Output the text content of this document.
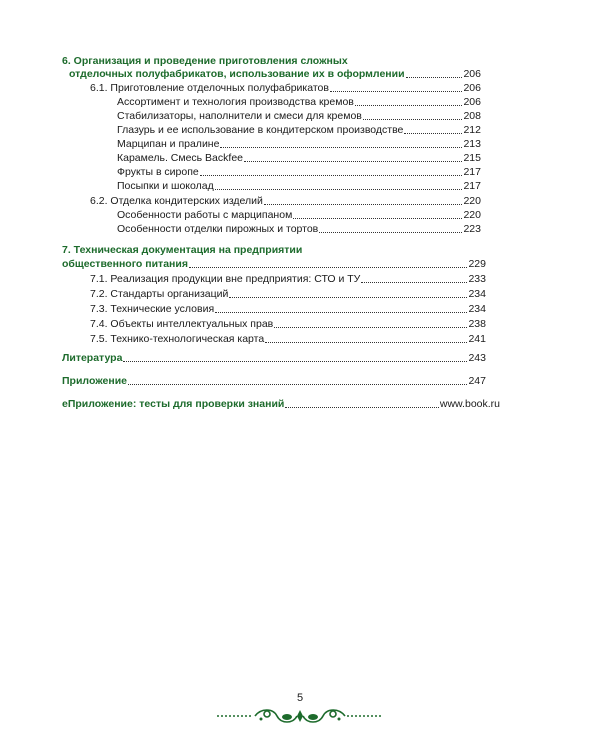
6. Организация и проведение приготовления сложных
отделочных полуфабрикатов, использование их в оформлении	206
6.1. Приготовление отделочных полуфабрикатов	206
Ассортимент и технология производства кремов	206
Стабилизаторы, наполнители и смеси для кремов	208
Глазурь и ее использование в кондитерском производстве	212
Марципан и пралине	213
Карамель. Смесь Backfee	215
Фрукты в сиропе	217
Посыпки и шоколад	217
6.2. Отделка кондитерских изделий	220
Особенности работы с марципаном	220
Особенности отделки пирожных и тортов	223
7. Техническая документация на предприятии
общественного питания	229
7.1. Реализация продукции вне предприятия: СТО и ТУ	233
7.2. Стандарты организаций	234
7.3. Технические условия	234
7.4. Объекты интеллектуальных прав	238
7.5. Технико-технологическая карта	241
Литература	243
Приложение	247
еПриложение: тесты для проверки знаний	www.book.ru
5
